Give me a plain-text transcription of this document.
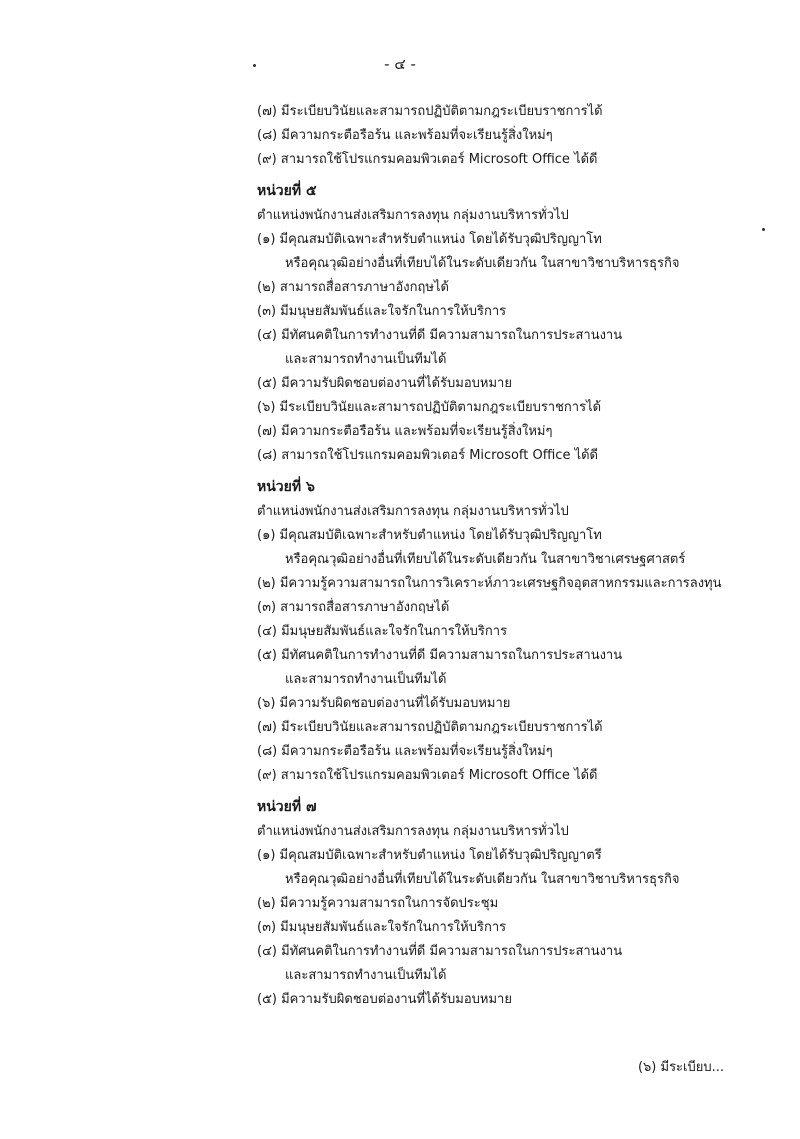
- ๔ -
(๗) มีระเบียบวินัยและสามารถปฏิบัติตามกฎระเบียบราชการได้
(๘) มีความกระตือรือร้น และพร้อมที่จะเรียนรู้สิ่งใหม่ๆ
(๙) สามารถใช้โปรแกรมคอมพิวเตอร์ Microsoft Office ได้ดี
หน่วยที่ ๕
ตำแหน่งพนักงานส่งเสริมการลงทุน กลุ่มงานบริหารทั่วไป
(๑) มีคุณสมบัติเฉพาะสำหรับตำแหน่ง โดยได้รับวุฒิปริญญาโท
หรือคุณวุฒิอย่างอื่นที่เทียบได้ในระดับเดียวกัน ในสาขาวิชาบริหารธุรกิจ
(๒) สามารถสื่อสารภาษาอังกฤษได้
(๓) มีมนุษยสัมพันธ์และใจรักในการให้บริการ
(๔) มีทัศนคติในการทำงานที่ดี มีความสามารถในการประสานงาน
และสามารถทำงานเป็นทีมได้
(๕) มีความรับผิดชอบต่องานที่ได้รับมอบหมาย
(๖) มีระเบียบวินัยและสามารถปฏิบัติตามกฎระเบียบราชการได้
(๗) มีความกระตือรือร้น และพร้อมที่จะเรียนรู้สิ่งใหม่ๆ
(๘) สามารถใช้โปรแกรมคอมพิวเตอร์ Microsoft Office ได้ดี
หน่วยที่ ๖
ตำแหน่งพนักงานส่งเสริมการลงทุน กลุ่มงานบริหารทั่วไป
(๑) มีคุณสมบัติเฉพาะสำหรับตำแหน่ง โดยได้รับวุฒิปริญญาโท
หรือคุณวุฒิอย่างอื่นที่เทียบได้ในระดับเดียวกัน ในสาขาวิชาเศรษฐศาสตร์
(๒) มีความรู้ความสามารถในการวิเคราะห์ภาวะเศรษฐกิจอุตสาหกรรมและการลงทุน
(๓) สามารถสื่อสารภาษาอังกฤษได้
(๔) มีมนุษยสัมพันธ์และใจรักในการให้บริการ
(๕) มีทัศนคติในการทำงานที่ดี มีความสามารถในการประสานงาน
และสามารถทำงานเป็นทีมได้
(๖) มีความรับผิดชอบต่องานที่ได้รับมอบหมาย
(๗) มีระเบียบวินัยและสามารถปฏิบัติตามกฎระเบียบราชการได้
(๘) มีความกระตือรือร้น และพร้อมที่จะเรียนรู้สิ่งใหม่ๆ
(๙) สามารถใช้โปรแกรมคอมพิวเตอร์ Microsoft Office ได้ดี
หน่วยที่ ๗
ตำแหน่งพนักงานส่งเสริมการลงทุน กลุ่มงานบริหารทั่วไป
(๑) มีคุณสมบัติเฉพาะสำหรับตำแหน่ง โดยได้รับวุฒิปริญญาตรี
หรือคุณวุฒิอย่างอื่นที่เทียบได้ในระดับเดียวกัน ในสาขาวิชาบริหารธุรกิจ
(๒) มีความรู้ความสามารถในการจัดประชุม
(๓) มีมนุษยสัมพันธ์และใจรักในการให้บริการ
(๔) มีทัศนคติในการทำงานที่ดี มีความสามารถในการประสานงาน
และสามารถทำงานเป็นทีมได้
(๕) มีความรับผิดชอบต่องานที่ได้รับมอบหมาย
(๖) มีระเบียบ...
